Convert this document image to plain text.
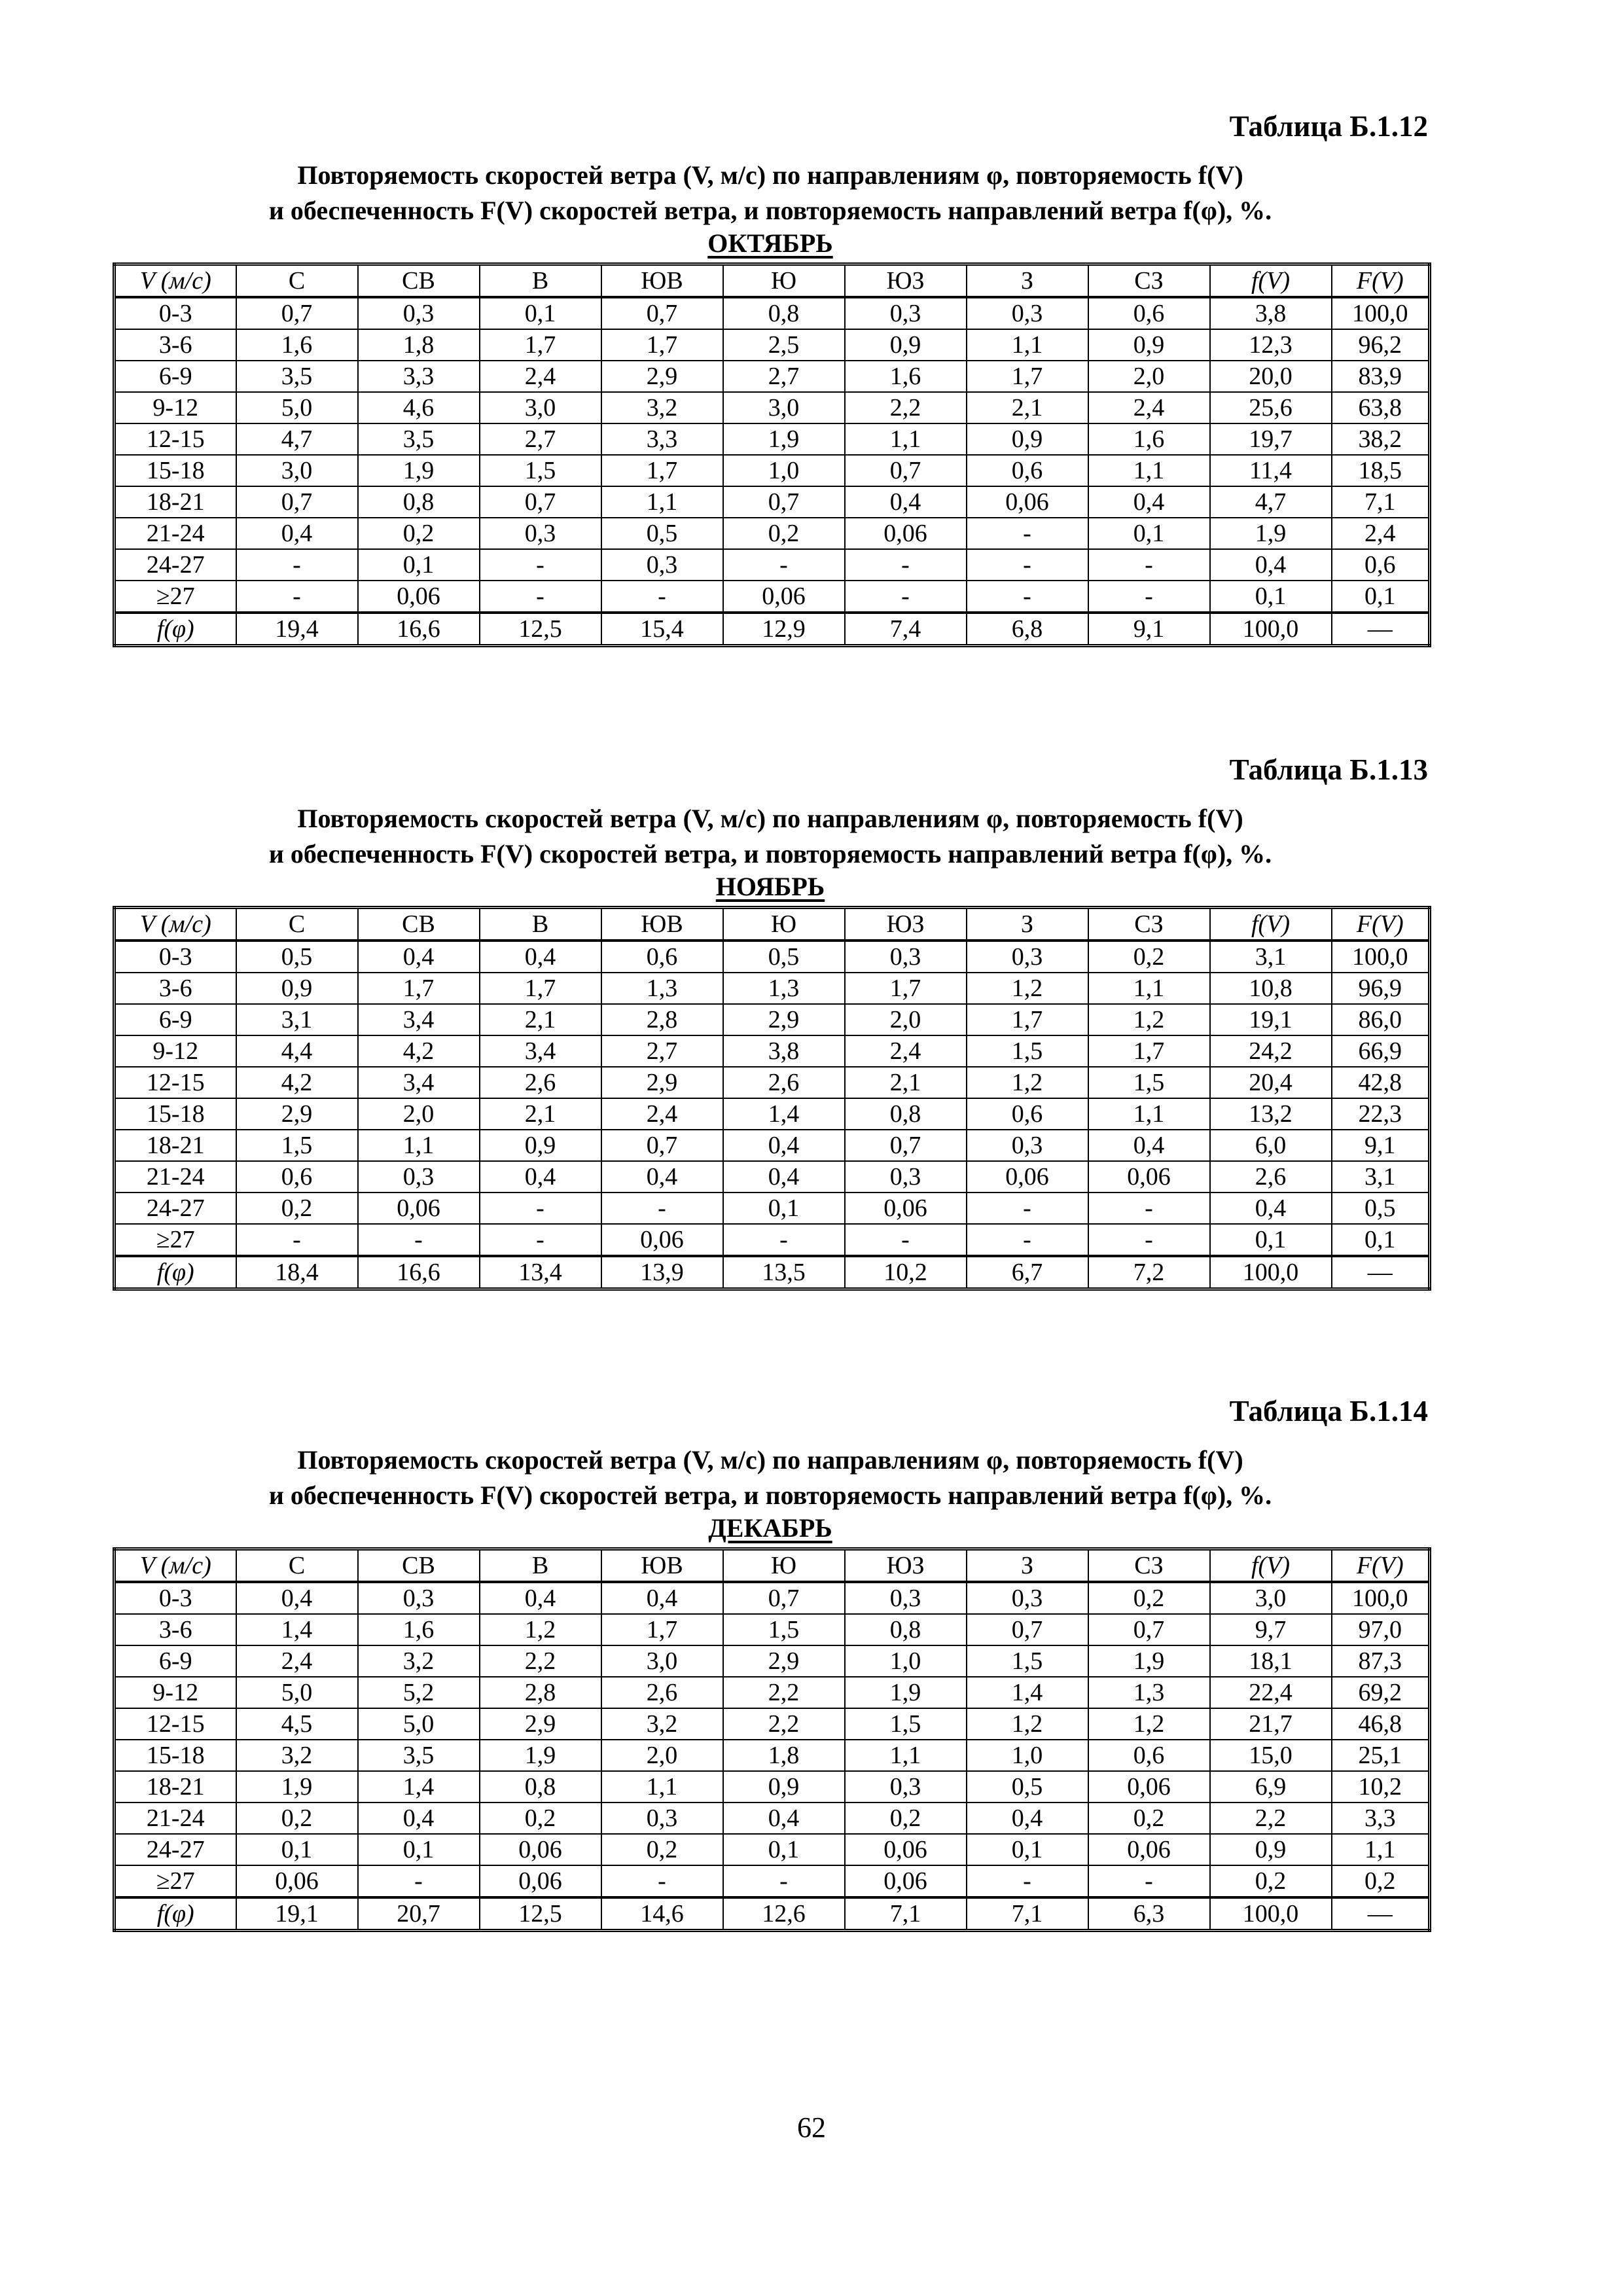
Таблица Б.1.12
Повторяемость скоростей ветра (V, м/с) по направлениям φ, повторяемость f(V)
и обеспеченность F(V) скоростей ветра, и повторяемость направлений ветра f(φ), %.
ОКТЯБРЬ
V (м/с)	С	СВ	В	ЮВ	Ю	ЮЗ	З	СЗ	f(V)	F(V)
0-3	0,7	0,3	0,1	0,7	0,8	0,3	0,3	0,6	3,8	100,0
3-6	1,6	1,8	1,7	1,7	2,5	0,9	1,1	0,9	12,3	96,2
6-9	3,5	3,3	2,4	2,9	2,7	1,6	1,7	2,0	20,0	83,9
9-12	5,0	4,6	3,0	3,2	3,0	2,2	2,1	2,4	25,6	63,8
12-15	4,7	3,5	2,7	3,3	1,9	1,1	0,9	1,6	19,7	38,2
15-18	3,0	1,9	1,5	1,7	1,0	0,7	0,6	1,1	11,4	18,5
18-21	0,7	0,8	0,7	1,1	0,7	0,4	0,06	0,4	4,7	7,1
21-24	0,4	0,2	0,3	0,5	0,2	0,06	-	0,1	1,9	2,4
24-27	-	0,1	-	0,3	-	-	-	-	0,4	0,6
≥27	-	0,06	-	-	0,06	-	-	-	0,1	0,1
f(φ)	19,4	16,6	12,5	15,4	12,9	7,4	6,8	9,1	100,0	—
Таблица Б.1.13
Повторяемость скоростей ветра (V, м/с) по направлениям φ, повторяемость f(V)
и обеспеченность F(V) скоростей ветра, и повторяемость направлений ветра f(φ), %.
НОЯБРЬ
V (м/с)	С	СВ	В	ЮВ	Ю	ЮЗ	З	СЗ	f(V)	F(V)
0-3	0,5	0,4	0,4	0,6	0,5	0,3	0,3	0,2	3,1	100,0
3-6	0,9	1,7	1,7	1,3	1,3	1,7	1,2	1,1	10,8	96,9
6-9	3,1	3,4	2,1	2,8	2,9	2,0	1,7	1,2	19,1	86,0
9-12	4,4	4,2	3,4	2,7	3,8	2,4	1,5	1,7	24,2	66,9
12-15	4,2	3,4	2,6	2,9	2,6	2,1	1,2	1,5	20,4	42,8
15-18	2,9	2,0	2,1	2,4	1,4	0,8	0,6	1,1	13,2	22,3
18-21	1,5	1,1	0,9	0,7	0,4	0,7	0,3	0,4	6,0	9,1
21-24	0,6	0,3	0,4	0,4	0,4	0,3	0,06	0,06	2,6	3,1
24-27	0,2	0,06	-	-	0,1	0,06	-	-	0,4	0,5
≥27	-	-	-	0,06	-	-	-	-	0,1	0,1
f(φ)	18,4	16,6	13,4	13,9	13,5	10,2	6,7	7,2	100,0	—
Таблица Б.1.14
Повторяемость скоростей ветра (V, м/с) по направлениям φ, повторяемость f(V)
и обеспеченность F(V) скоростей ветра, и повторяемость направлений ветра f(φ), %.
ДЕКАБРЬ
V (м/с)	С	СВ	В	ЮВ	Ю	ЮЗ	З	СЗ	f(V)	F(V)
0-3	0,4	0,3	0,4	0,4	0,7	0,3	0,3	0,2	3,0	100,0
3-6	1,4	1,6	1,2	1,7	1,5	0,8	0,7	0,7	9,7	97,0
6-9	2,4	3,2	2,2	3,0	2,9	1,0	1,5	1,9	18,1	87,3
9-12	5,0	5,2	2,8	2,6	2,2	1,9	1,4	1,3	22,4	69,2
12-15	4,5	5,0	2,9	3,2	2,2	1,5	1,2	1,2	21,7	46,8
15-18	3,2	3,5	1,9	2,0	1,8	1,1	1,0	0,6	15,0	25,1
18-21	1,9	1,4	0,8	1,1	0,9	0,3	0,5	0,06	6,9	10,2
21-24	0,2	0,4	0,2	0,3	0,4	0,2	0,4	0,2	2,2	3,3
24-27	0,1	0,1	0,06	0,2	0,1	0,06	0,1	0,06	0,9	1,1
≥27	0,06	-	0,06	-	-	0,06	-	-	0,2	0,2
f(φ)	19,1	20,7	12,5	14,6	12,6	7,1	7,1	6,3	100,0	—
62
